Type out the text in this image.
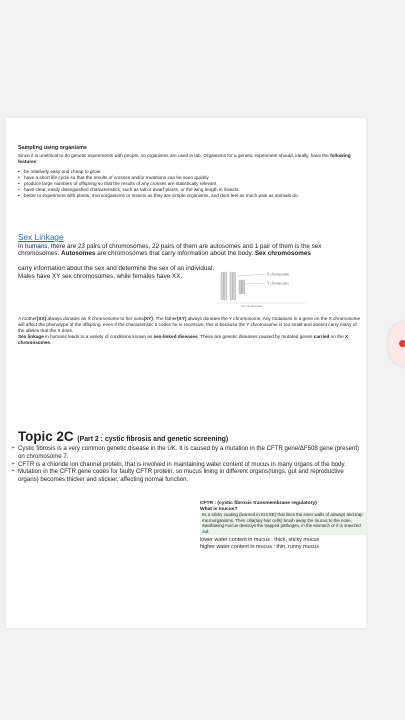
Sampling using organisms

Since it is unethical to do genetic experiments with people, so organisms are used in lab. Organisms for a genetic experiment should, ideally, have the following features:

• be relatively easy and cheap to grow
• have a short life cycle so that the results of crosses and/or mutations can be seen quickly
• produce large numbers of offspring so that the results of any crosses are statistically relevant
• have clear, easily distinguished characteristics, such as tall or dwarf plants, or the wing length in insects.
• better to experiment with plants, microorganisms or insects as they are simple organisms, and dont feel as much pain as animals do.

Sex Linkage

In humans, there are 23 pairs of chromosomes, 22 pairs of them are autosomes and 1 pair of them is the sex chromosomes. Autosomes are chromosomes that carry information about the body. Sex chromosomes

carry information about the sex and determine the sex of an individual.

Males have XY sex chromosomes, while females have XX.	X chromosome
Y chromosome
Sex chromosomes

A mother(XX) always donates an X chromosome to her sons(XY). The father(XY) always donates the Y chromosome. Any mutations in a gene on the X chromosome will affect the phenotype of the offspring, even if the characteristic it codes for is recessive, this is because the Y chromosome is too small and doesnt carry many of the alleles that the X does.
Sex linkage in humans leads to a variety of conditions known as sex-linked diseases. These are genetic diseases caused by mutated genes carried on the X chromosomes.

Topic 2C (Part 2 : cystic fibrosis and genetic screening)

➢ Cystic fibrosis is a very common genetic disease in the UK. It is caused by a mutation in the CFTR gene/ΔF508 gene (present) on chromosome 7.
➢ CFTR is a chloride ion channel protein, that is involved in maintaining water content of mucus in many organs of the body.
➢ Mutation in the CFTR gene codes for faulty CFTR protein, so mucus lining in different organs(lungs, gut and reproductive organs) becomes thicker and stickier, affecting normal function.

CFTR : (cystic fibrosis transmembrane regulatory)

What is mucus?

Its a sticky coating (learned in IGCSE) that lines the inner walls of airways and trap microorganisms. Then cilia(tiny hair cells) brush away the mucus to the nose. Swallowing mucus destroys the trapped pathogen, in the stomach or it is sneezed out.

lower water content in mucus : thick, sticky mucus

higher water content in mucus : thin, runny mucus
